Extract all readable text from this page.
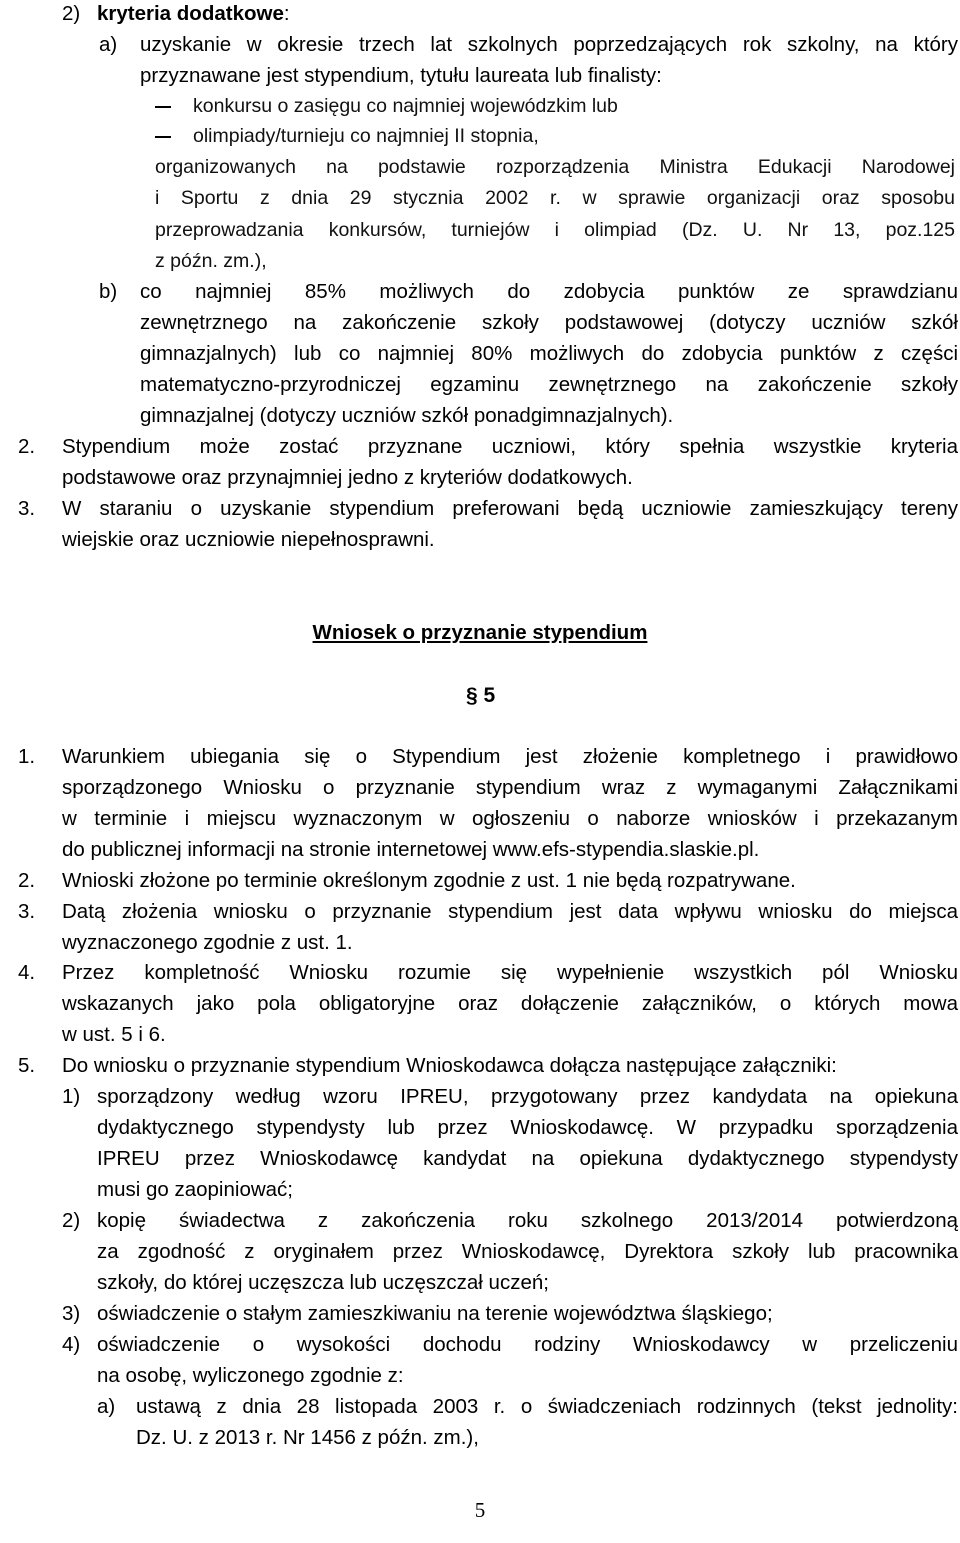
2) kryteria dodatkowe:
a) uzyskanie w okresie trzech lat szkolnych poprzedzających rok szkolny, na który
przyznawane jest stypendium, tytułu laureata lub finalisty:
konkursu o zasięgu co najmniej wojewódzkim lub
olimpiady/turnieju co najmniej II stopnia,
organizowanych na podstawie rozporządzenia Ministra Edukacji Narodowej
i Sportu z dnia 29 stycznia 2002 r. w sprawie organizacji oraz sposobu
przeprowadzania konkursów, turniejów i olimpiad (Dz. U. Nr 13, poz.125
z późn. zm.),
b) co najmniej 85% możliwych do zdobycia punktów ze sprawdzianu
zewnętrznego na zakończenie szkoły podstawowej (dotyczy uczniów szkół
gimnazjalnych) lub co najmniej 80% możliwych do zdobycia punktów z części
matematyczno-przyrodniczej egzaminu zewnętrznego na zakończenie szkoły
gimnazjalnej (dotyczy uczniów szkół ponadgimnazjalnych).
2. Stypendium może zostać przyznane uczniowi, który spełnia wszystkie kryteria
podstawowe oraz przynajmniej jedno z kryteriów dodatkowych.
3. W staraniu o uzyskanie stypendium preferowani będą uczniowie zamieszkujący tereny
wiejskie oraz uczniowie niepełnosprawni.
Wniosek o przyznanie stypendium
§ 5
1. Warunkiem ubiegania się o Stypendium jest złożenie kompletnego i prawidłowo
sporządzonego Wniosku o przyznanie stypendium wraz z wymaganymi Załącznikami
w terminie i miejscu wyznaczonym w ogłoszeniu o naborze wniosków i przekazanym
do publicznej informacji na stronie internetowej www.efs-stypendia.slaskie.pl.
2. Wnioski złożone po terminie określonym zgodnie z ust. 1 nie będą rozpatrywane.
3. Datą złożenia wniosku o przyznanie stypendium jest data wpływu wniosku do miejsca
wyznaczonego zgodnie z ust. 1.
4. Przez kompletność Wniosku rozumie się wypełnienie wszystkich pól Wniosku
wskazanych jako pola obligatoryjne oraz dołączenie załączników, o których mowa
w ust. 5 i 6.
5. Do wniosku o przyznanie stypendium Wnioskodawca dołącza następujące załączniki:
1) sporządzony według wzoru IPREU, przygotowany przez kandydata na opiekuna
dydaktycznego stypendysty lub przez Wnioskodawcę. W przypadku sporządzenia
IPREU przez Wnioskodawcę kandydat na opiekuna dydaktycznego stypendysty
musi go zaopiniować;
2) kopię świadectwa z zakończenia roku szkolnego 2013/2014 potwierdzoną
za zgodność z oryginałem przez Wnioskodawcę, Dyrektora szkoły lub pracownika
szkoły, do której uczęszcza lub uczęszczał uczeń;
3) oświadczenie o stałym zamieszkiwaniu na terenie województwa śląskiego;
4) oświadczenie o wysokości dochodu rodziny Wnioskodawcy w przeliczeniu
na osobę, wyliczonego zgodnie z:
a) ustawą z dnia 28 listopada 2003 r. o świadczeniach rodzinnych (tekst jednolity:
Dz. U. z 2013 r. Nr 1456 z późn. zm.),
5
